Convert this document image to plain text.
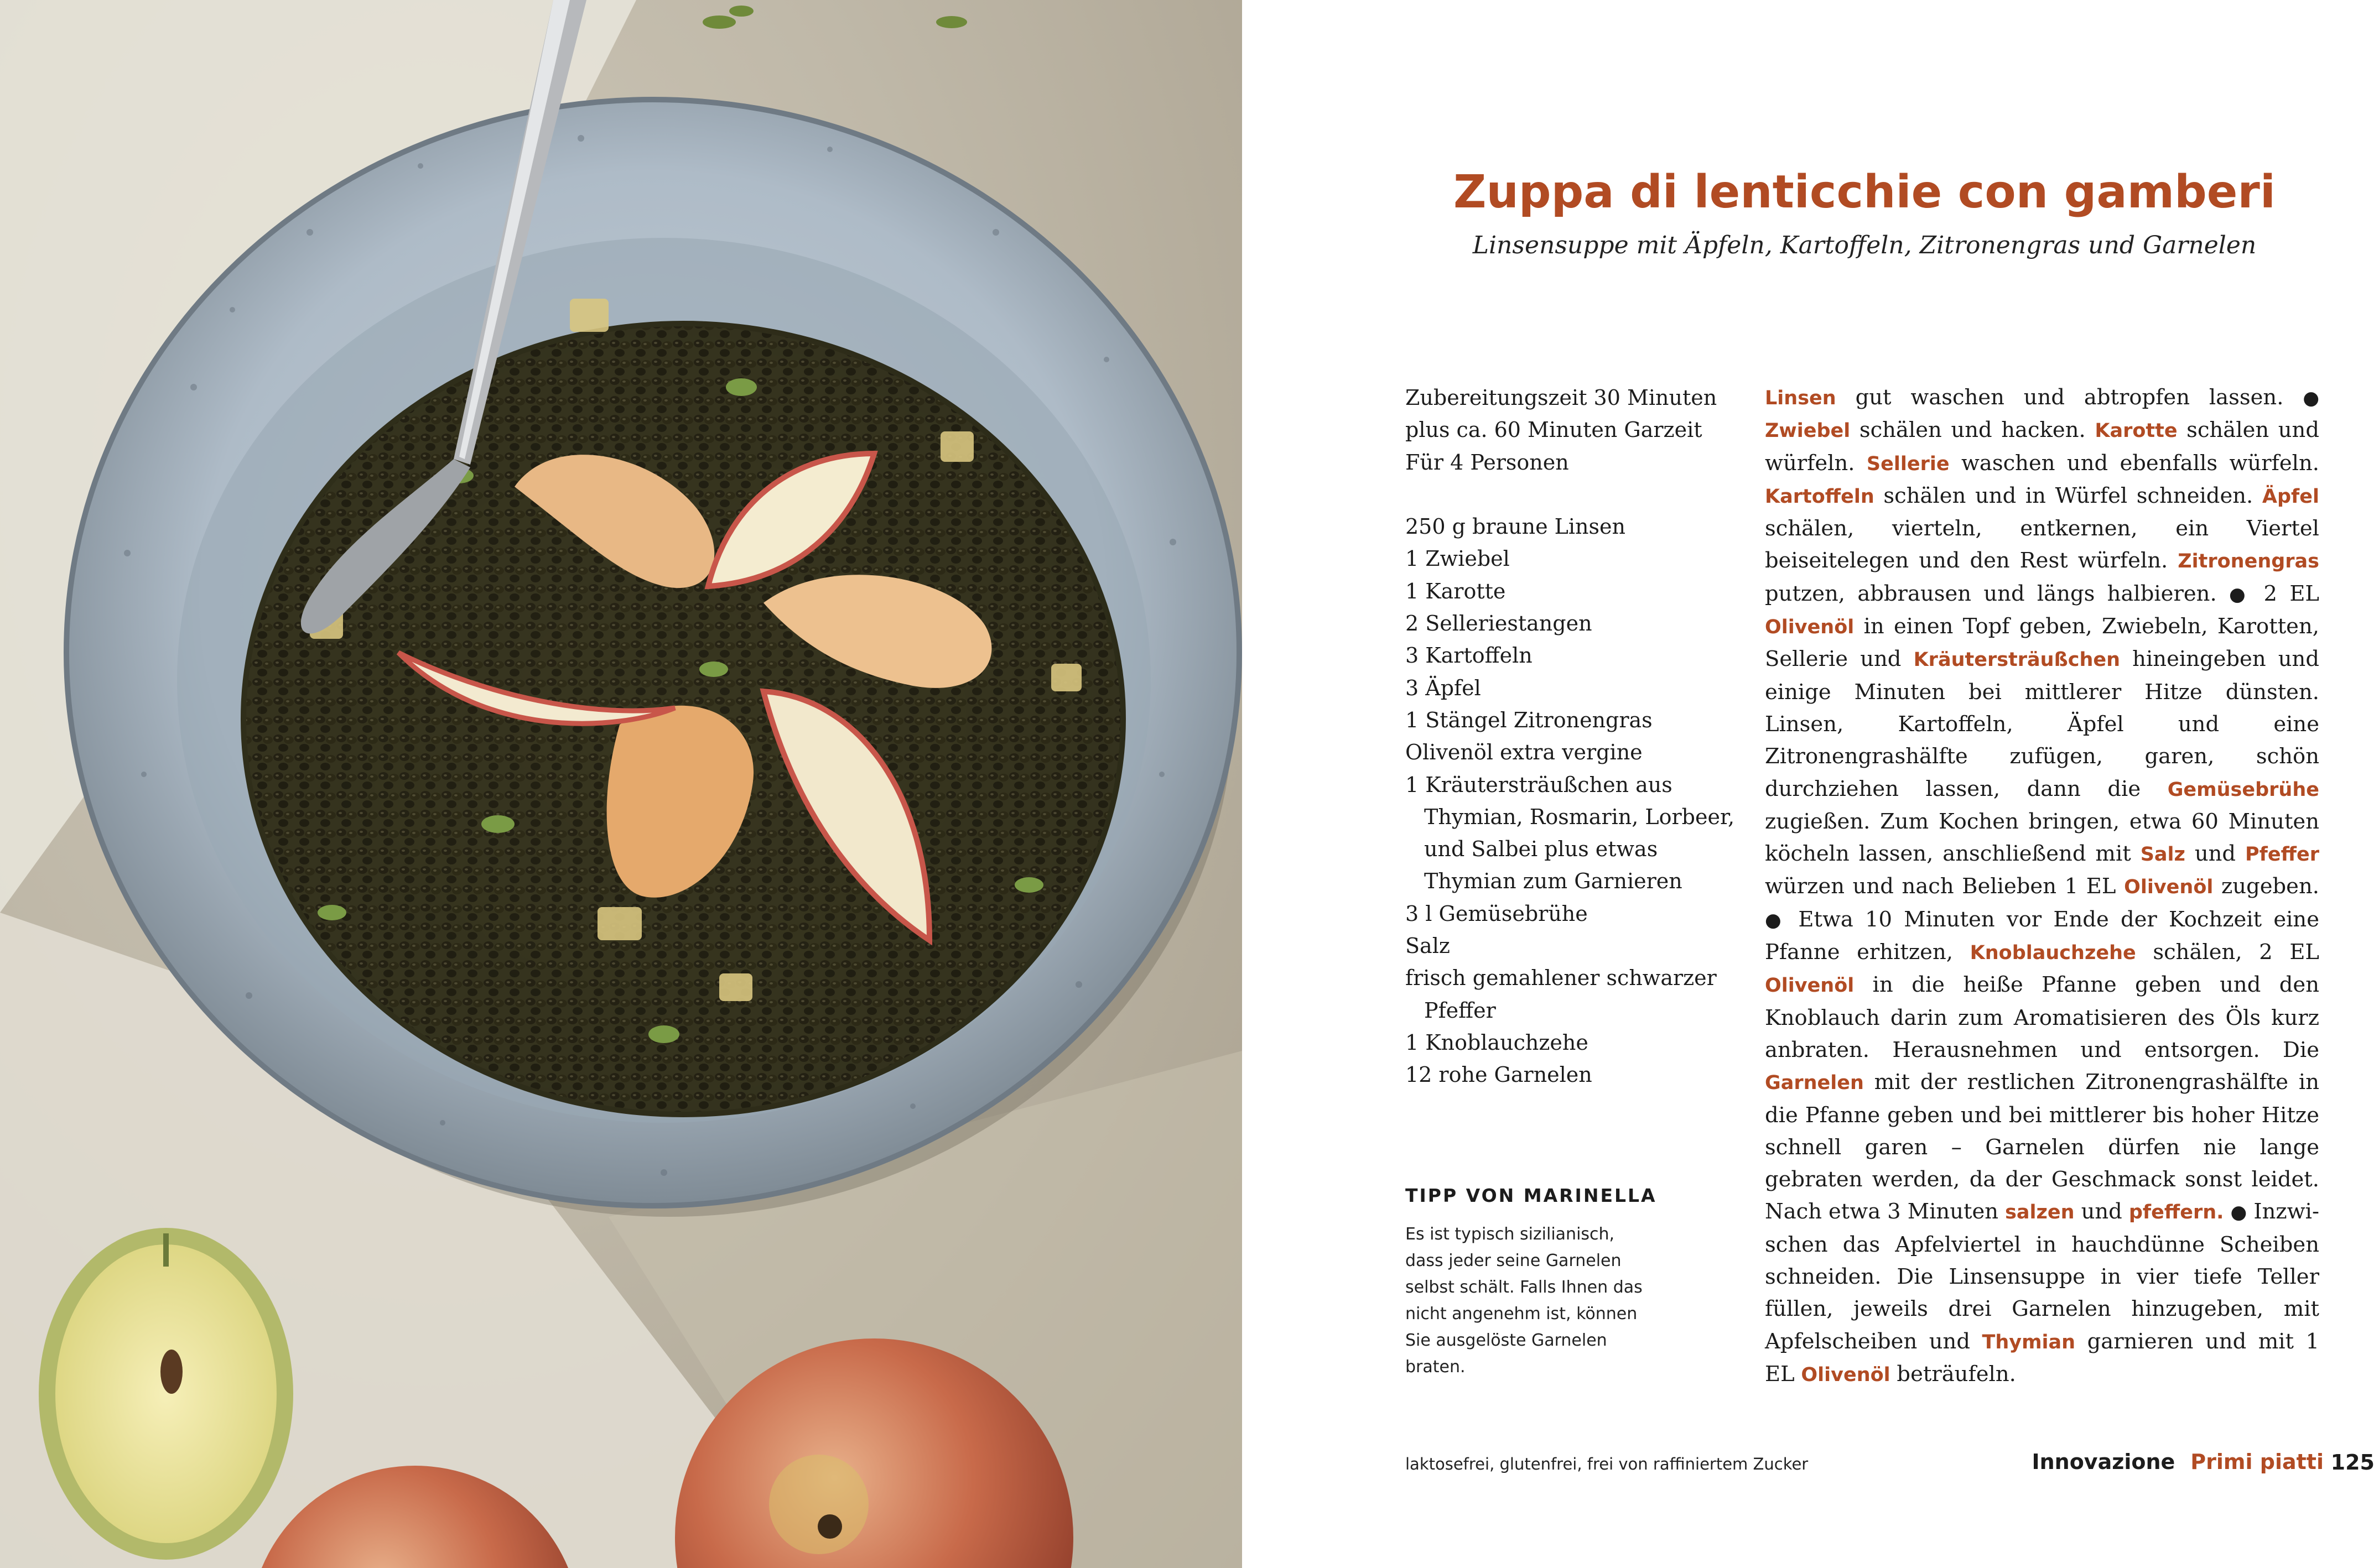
Zuppa di lenticchie con gamberi

Linsensuppe mit Äpfeln, Kartoffeln, Zitronengras und Garnelen

Zubereitungszeit 30 Minuten
plus ca. 60 Minuten Garzeit
Für 4 Personen
250 g braune Linsen
1 Zwiebel
1 Karotte
2 Selleriestangen
3 Kartoffeln
3 Äpfel
1 Stängel Zitronengras
Olivenöl extra vergine
1 Kräutersträußchen aus Thymian, Rosmarin, Lorbeer, und Salbei plus etwas Thymian zum Garnieren
3 l Gemüsebrühe
Salz
frisch gemahlener schwarzer Pfeffer
1 Knoblauchzehe
12 rohe Garnelen
TIPP VON MARINELLA

Es ist typisch sizilianisch, dass jeder seine Garnelen selbst schält. Falls Ihnen das nicht angenehm ist, können Sie ausgelöste Garnelen braten.

Linsen gut waschen und abtropfen lassen. ● Zwiebel schälen und hacken. Karotte schälen und würfeln. Sellerie waschen und ebenfalls würfeln. Kartoffeln schälen und in Würfel schneiden. Äpfel schälen, vierteln, entkernen, ein Viertel beiseitelegen und den Rest würfeln. Zitronengras putzen, abbrausen und längs halbieren. ● 2 EL Olivenöl in einen Topf geben, Zwiebeln, Karotten, Sellerie und Kräutersträußchen hineingeben und einige Minuten bei mittlerer Hitze dünsten. Linsen, Kartoffeln, Äpfel und eine Zitronengrashälfte zufügen, garen, schön durchziehen lassen, dann die Gemüsebrühe zugießen. Zum Kochen bringen, etwa 60 Minuten köcheln lassen, anschließend mit Salz und Pfeffer würzen und nach Belieben 1 EL Olivenöl zugeben. ● Etwa 10 Minuten vor Ende der Kochzeit eine Pfanne erhitzen, Knoblauchzehe schälen, 2 EL Olivenöl in die heiße Pfanne geben und den Knoblauch darin zum Aromatisieren des Öls kurz anbraten. Herausnehmen und entsorgen. Die Garnelen mit der restlichen Zitronengrashälfte in die Pfanne geben und bei mittlerer bis hoher Hitze schnell garen – Garnelen dürfen nie lange gebraten werden, da der Geschmack sonst leidet. Nach etwa 3 Minuten salzen und pfeffern. ● Inzwischen das Apfelviertel in hauchdünne Scheiben schneiden. Die Linsensuppe in vier tiefe Teller füllen, jeweils drei Garnelen hinzugeben, mit Apfelscheiben und Thymian garnieren und mit 1 EL Olivenöl beträufeln.

laktosefrei, glutenfrei, frei von raffiniertem Zucker	Innovazione Primi piatti 125
